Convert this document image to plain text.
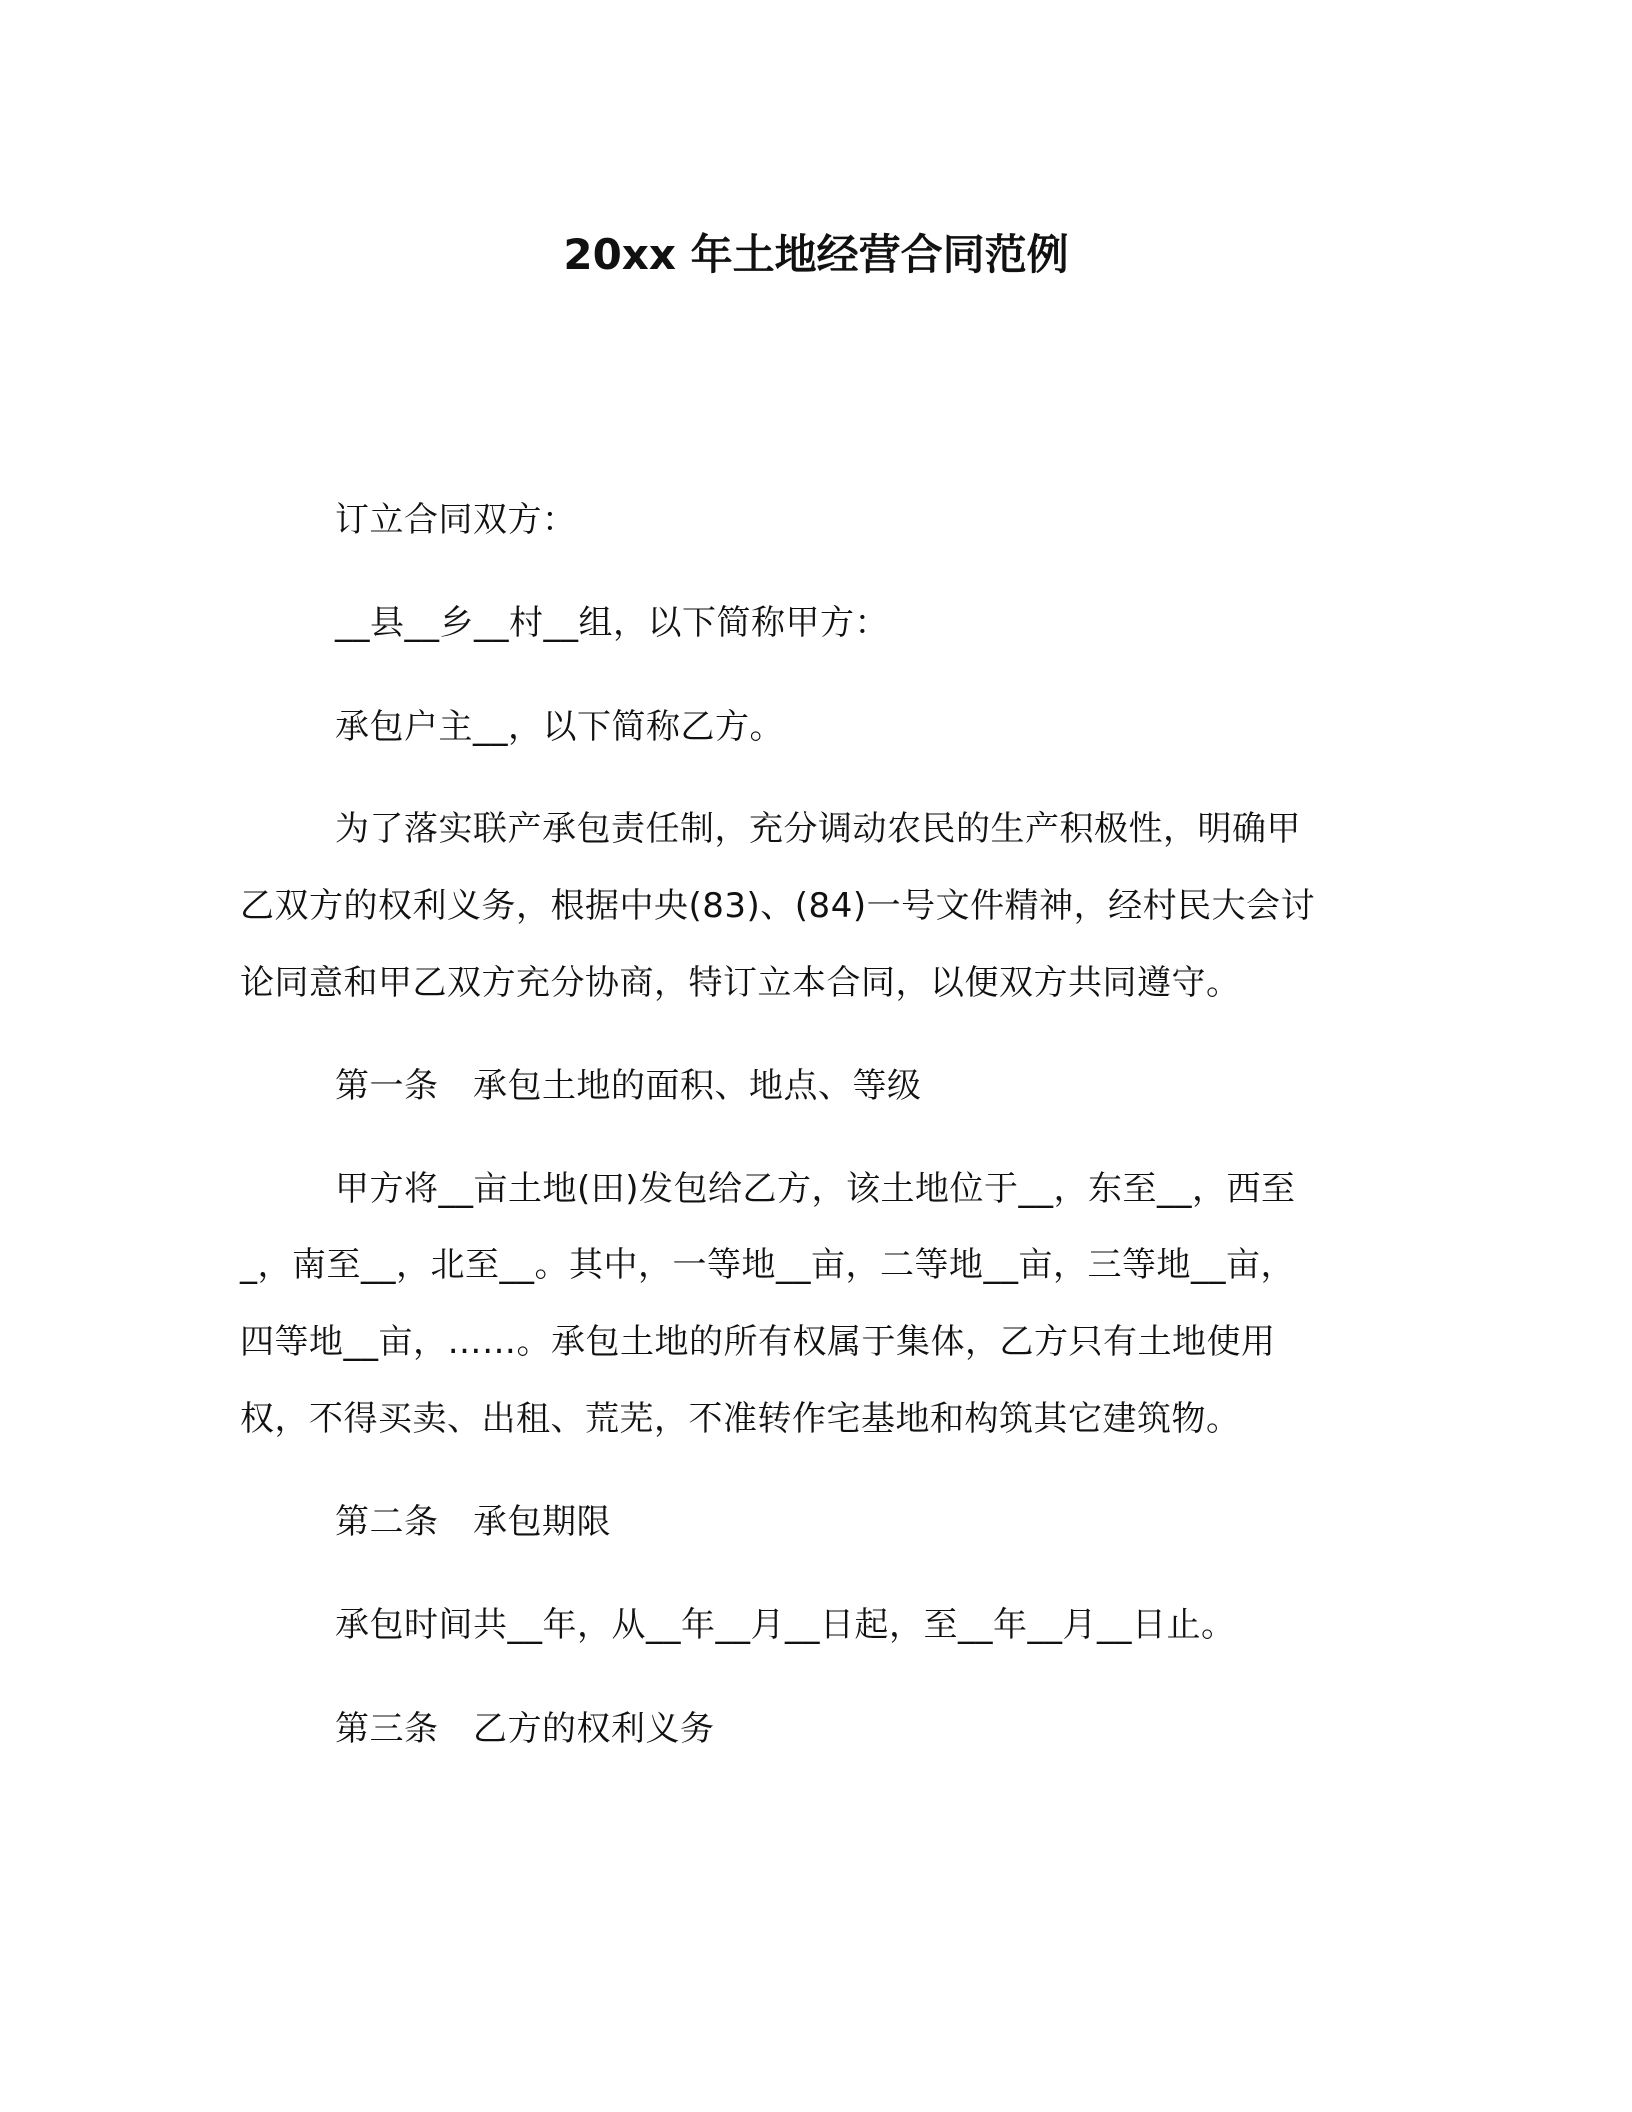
20xx 年土地经营合同范例
订立合同双方：
__县__乡__村__组，以下简称甲方：
承包户主__，以下简称乙方。
为了落实联产承包责任制，充分调动农民的生产积极性，明确甲
乙双方的权利义务，根据中央(83)、(84)一号文件精神，经村民大会讨
论同意和甲乙双方充分协商，特订立本合同，以便双方共同遵守。
第一条　承包土地的面积、地点、等级
甲方将__亩土地(田)发包给乙方，该土地位于__，东至__，西至
_，南至__，北至__。其中，一等地__亩，二等地__亩，三等地__亩，
四等地__亩，……。承包土地的所有权属于集体，乙方只有土地使用
权，不得买卖、出租、荒芜，不准转作宅基地和构筑其它建筑物。
第二条　承包期限
承包时间共__年，从__年__月__日起，至__年__月__日止。
第三条　乙方的权利义务
